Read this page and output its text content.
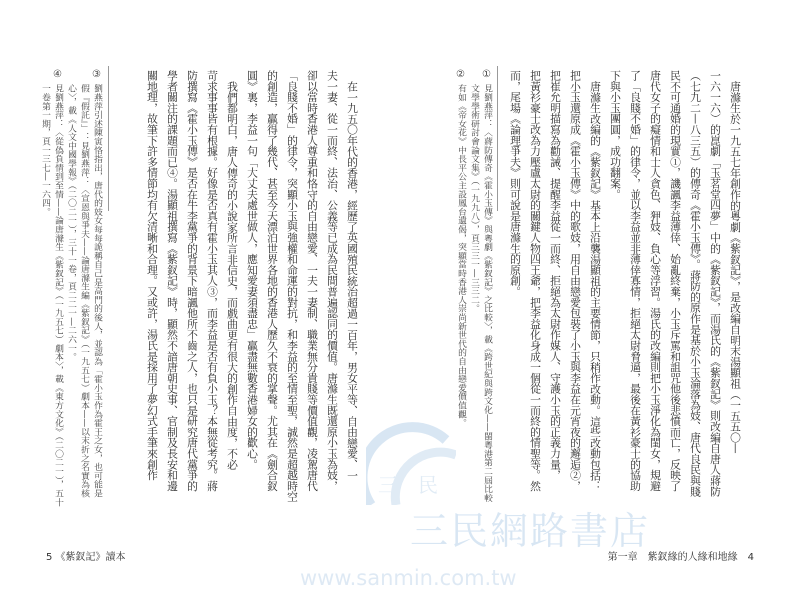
唐滌生於一九五七年創作的粵劇《紫釵記》，是改編自明末湯顯祖（一五五〇—
一六一六）的崑劇「玉茗堂四夢」中的《紫釵記》，而湯氏的《紫釵記》則改編自唐人蔣防
（七九二—八三五）的傳奇《霍小玉傳》。蔣防的原作是基於小玉淪落為妓、唐代良民與賤
民不可通婚的現實①，譏諷李益薄倖、始亂終棄，小玉斥罵和詛咒他後悲憤而亡，反映了
唐代女子的癡情和士人貪色、狎妓、負心等浮習。湯氏的改編則把小玉淨化為閨女，規避
了「良賤不婚」的律令，並以李益並非薄倖寡情，拒絕太尉脅逼，最後在黃衫豪士的協助
下與小玉團圓，成功翻案。
唐滌生改編的《紫釵記》基本上沿襲湯顯祖的主要情節，只稍作改動。這些改動包括：
把小玉還原成《霍小玉傳》中的歌妓，用自由戀愛包裝了小玉與李益在元宵夜的邂逅②，
把崔允明描寫為勸誡、提醒李益從一而終、拒絕為太尉作媒人、守護小玉的正義力量，
把黃衫豪士改為力壓盧太尉的關鍵人物四王爺，把李益化身成一個從一而終的情聖等。然
而，尾場《論理爭夫》則可說是唐滌生的原創。
①
見劉燕萍：〈蔣防傳奇《霍小玉傳》與粵劇《紫釵記》之比較〉，載《跨世紀與跨文化——閩粵港第二屆比較
文學學術研討會論文集》（一九九八），頁三三一—三三二。
②
有如《帝女花》中長平公主設鳳台遺偈，突顯當時香港人崇尚新世代的自由戀愛價值觀。
在一九五〇年代的香港，經歷了英國殖民統治超過一百年，男女平等、自由戀愛、一
夫一妻、從一而終、法治、公義等已成為民間普遍認同的價值。唐滌生既還原小玉為妓，
卻以當時香港人尊重和恪守的自由戀愛、一夫一妻制、職業無分貴賤等價值觀，凌駕唐代
「良賤不婚」的律令，突顯小玉與強權和命運的對抗，和李益的至情至聖，誠然是超越時空
的創造，贏得了幾代、甚至今天漂泊世界各地的香港人歷久不衰的掌聲。尤其在《劍合釵
圓》裏，李益一句「大丈夫處世做人，應知愛妻須盡忠」贏盡無數香港婦女的歡心。
我們都明白，唐人傳奇的小說家所言非信史，而戲曲更有很大的創作自由度，不必
苛求事事皆有根據。好像是否真有霍小玉其人③，而李益是否有負小玉？本無從考究。蔣
防撰寫《霍小玉傳》是否在牛李黨爭的背景下暗諷他所不齒之人，也只是研究唐代黨爭的
學者關注的課題而已④。湯顯祖撰寫《紫釵記》時，顯然不諳唐朝史事、官制及長安和邊
關地理，故筆下許多情節均有欠清晰和合理。又或許，湯氏是採用了夢幻式手筆來創作
③
劉燕萍引述陳寅恪指出，唐代的妓女每每詭稱自己是高門的後人，並認為「霍小玉作為霍王之女，也可能是
假『假託』」：見劉燕萍：〈宣恩與爭夫——論唐滌生編《紫釵記》（一九五七）劇本——以末折之名實為核
心〉，載《人文中國學報》（二〇二一），三十一卷，頁二二一—二六一。
④
見劉燕萍：〈從偽負情到至情——論唐滌生《紫釵記》（一九五七）劇本〉，載《東方文化》（二〇二一），五十
一卷第一期，頁一三七—一六四。
三 民
三民網路書店
www.sanmin.com.tw
5 《紫釵記》讀本	第一章　紫釵緣的人緣和地緣　4
